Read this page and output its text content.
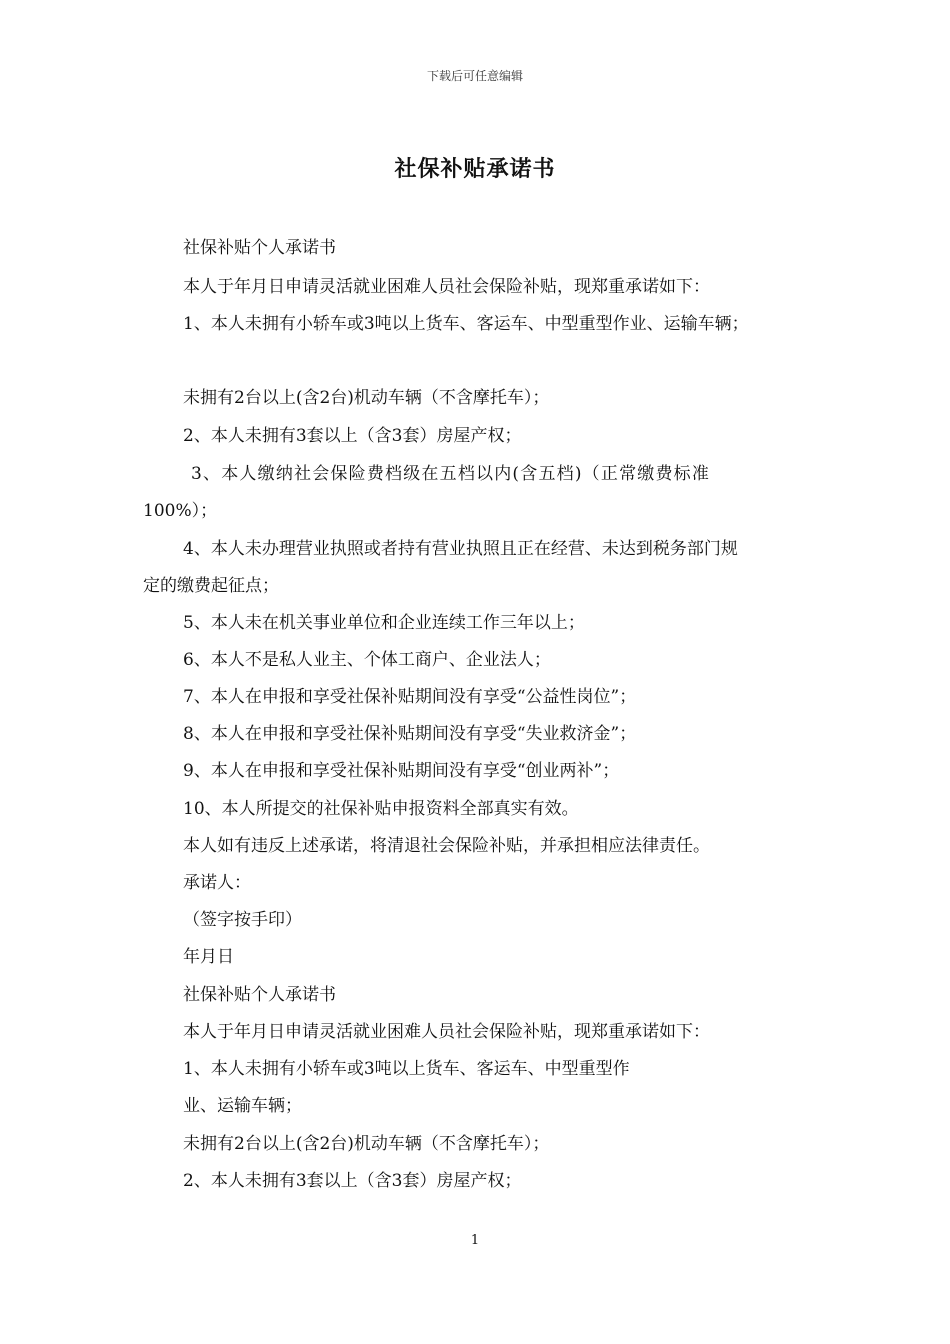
下载后可任意编辑
社保补贴承诺书
社保补贴个人承诺书
本人于年月日申请灵活就业困难人员社会保险补贴，现郑重承诺如下：
1、本人未拥有小轿车或3吨以上货车、客运车、中型重型作业、运输车辆；
未拥有2台以上(含2台)机动车辆（不含摩托车）；
2、本人未拥有3套以上（含3套）房屋产权；
3、本人缴纳社会保险费档级在五档以内(含五档)（正常缴费标准
100%）；
4、本人未办理营业执照或者持有营业执照且正在经营、未达到税务部门规
定的缴费起征点；
5、本人未在机关事业单位和企业连续工作三年以上；
6、本人不是私人业主、个体工商户、企业法人；
7、本人在申报和享受社保补贴期间没有享受“公益性岗位”；
8、本人在申报和享受社保补贴期间没有享受“失业救济金”；
9、本人在申报和享受社保补贴期间没有享受“创业两补”；
10、本人所提交的社保补贴申报资料全部真实有效。
本人如有违反上述承诺，将清退社会保险补贴，并承担相应法律责任。
承诺人：
（签字按手印）
年月日
社保补贴个人承诺书
本人于年月日申请灵活就业困难人员社会保险补贴，现郑重承诺如下：
1、本人未拥有小轿车或3吨以上货车、客运车、中型重型作
业、运输车辆；
未拥有2台以上(含2台)机动车辆（不含摩托车）；
2、本人未拥有3套以上（含3套）房屋产权；
1
